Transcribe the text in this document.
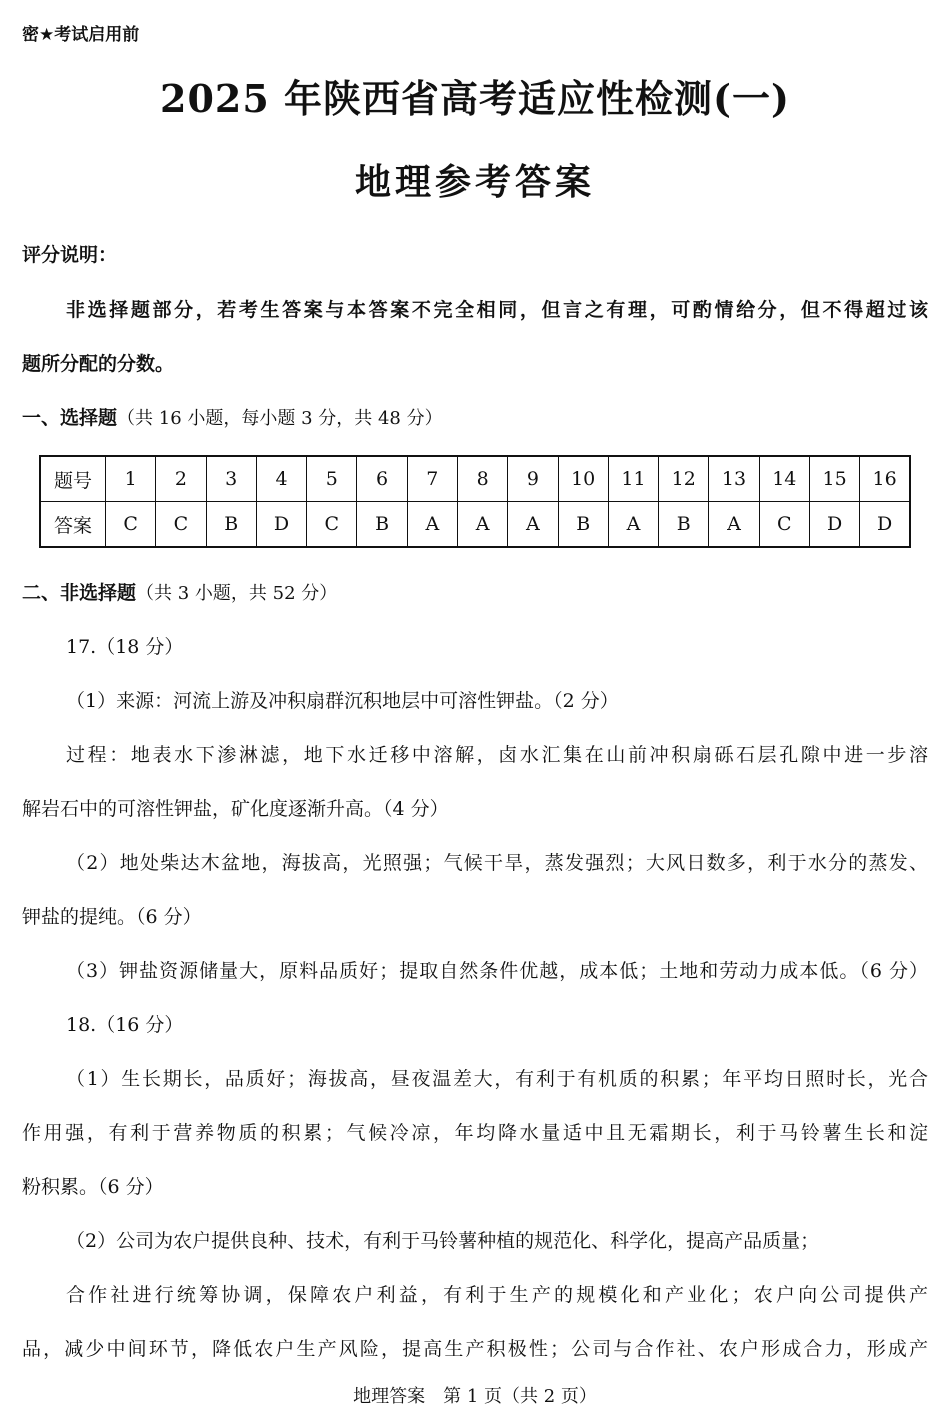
密★考试启用前
2025 年陕西省高考适应性检测(一)
地理参考答案
评分说明：
非选择题部分，若考生答案与本答案不完全相同，但言之有理，可酌情给分，但不得超过该
题所分配的分数。
一、选择题（共 16 小题，每小题 3 分，共 48 分）
题号	1	2	3	4	5	6	7	8	9	10	11	12	13	14	15	16
答案	C	C	B	D	C	B	A	A	A	B	A	B	A	C	D	D
二、非选择题（共 3 小题，共 52 分）
17.（18 分）
（1）来源：河流上游及冲积扇群沉积地层中可溶性钾盐。（2 分）
过程：地表水下渗淋滤，地下水迁移中溶解，卤水汇集在山前冲积扇砾石层孔隙中进一步溶
解岩石中的可溶性钾盐，矿化度逐渐升高。（4 分）
（2）地处柴达木盆地，海拔高，光照强；气候干旱，蒸发强烈；大风日数多，利于水分的蒸发、
钾盐的提纯。（6 分）
（3）钾盐资源储量大，原料品质好；提取自然条件优越，成本低；土地和劳动力成本低。（6 分）
18.（16 分）
（1）生长期长，品质好；海拔高，昼夜温差大，有利于有机质的积累；年平均日照时长，光合
作用强，有利于营养物质的积累；气候冷凉，年均降水量适中且无霜期长，利于马铃薯生长和淀
粉积累。（6 分）
（2）公司为农户提供良种、技术，有利于马铃薯种植的规范化、科学化，提高产品质量；
合作社进行统筹协调，保障农户利益，有利于生产的规模化和产业化；农户向公司提供产
品，减少中间环节，降低农户生产风险，提高生产积极性；公司与合作社、农户形成合力，形成产
地理答案　第 1 页（共 2 页）
